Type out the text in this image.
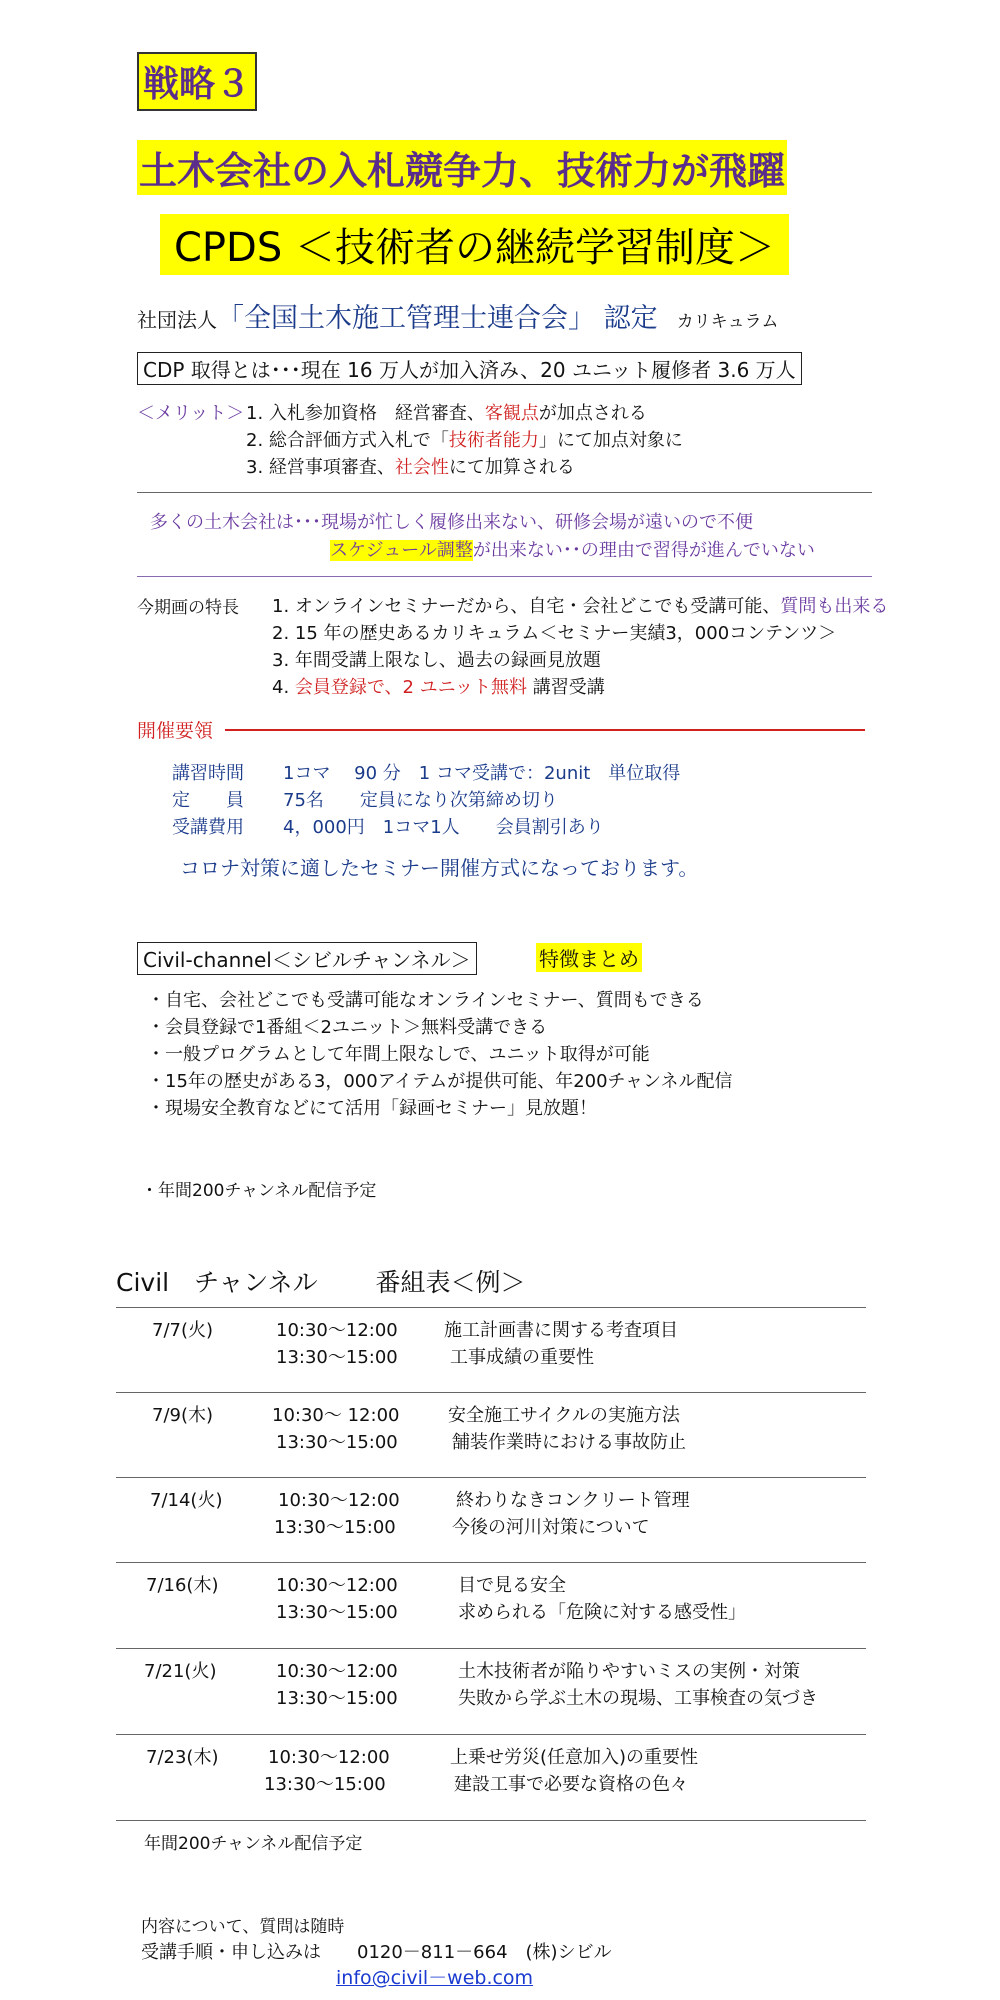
戦略３
土木会社の入札競争力、技術力が飛躍
CPDS ＜技術者の継続学習制度＞
社団法人「全国土木施工管理士連合会」 認定 カリキュラム
CDP 取得とは･･･現在 16 万人が加入済み、20 ユニット履修者 3.6 万人
＜メリット＞ 1. 入札参加資格　経営審査、客観点が加点される
2. 総合評価方式入札で「技術者能力」にて加点対象に
3. 経営事項審査、社会性にて加算される
多くの土木会社は･･･現場が忙しく履修出来ない、研修会場が遠いので不便
スケジュール調整が出来ない･･の理由で習得が進んでいない
今期画の特長 1. オンラインセミナーだから、自宅・会社どこでも受講可能、質問も出来る
2. 15 年の歴史あるカリキュラム＜セミナー実績3，000コンテンツ＞
3. 年間受講上限なし、過去の録画見放題
4. 会員登録で、2 ユニット無料 講習受講
開催要領
講習時間 1コマ　 90 分　1 コマ受講で：2unit　単位取得
定　　員 75名　　定員になり次第締め切り
受講費用 4，000円　1コマ1人　　会員割引あり
コロナ対策に適したセミナー開催方式になっております。
Civil-channel＜シビルチャンネル＞	特徴まとめ
・自宅、会社どこでも受講可能なオンラインセミナー、質問もできる
・会員登録で1番組＜2ユニット＞無料受講できる
・一般プログラムとして年間上限なしで、ユニット取得が可能
・15年の歴史がある3，000アイテムが提供可能、年200チャンネル配信
・現場安全教育などにて活用「録画セミナー」見放題！
・年間200チャンネル配信予定
Civil　チャンネル　　 番組表＜例＞
7/7(火)	10:30～12:00	施工計画書に関する考査項目
13:30～15:00	工事成績の重要性
7/9(木)	10:30～ 12:00	安全施工サイクルの実施方法
13:30～15:00	舗装作業時における事故防止
7/14(火)	10:30～12:00	終わりなきコンクリート管理
13:30～15:00	今後の河川対策について
7/16(木)	10:30～12:00	目で見る安全
13:30～15:00	求められる「危険に対する感受性」
7/21(火)	10:30～12:00	土木技術者が陥りやすいミスの実例・対策
13:30～15:00	失敗から学ぶ土木の現場、工事検査の気づき
7/23(木)	10:30～12:00	上乗せ労災(任意加入)の重要性
13:30～15:00	建設工事で必要な資格の色々
年間200チャンネル配信予定
内容について、質問は随時
受講手順・申し込みは　　0120－811－664　(株)シビル
info@civil－web.com
